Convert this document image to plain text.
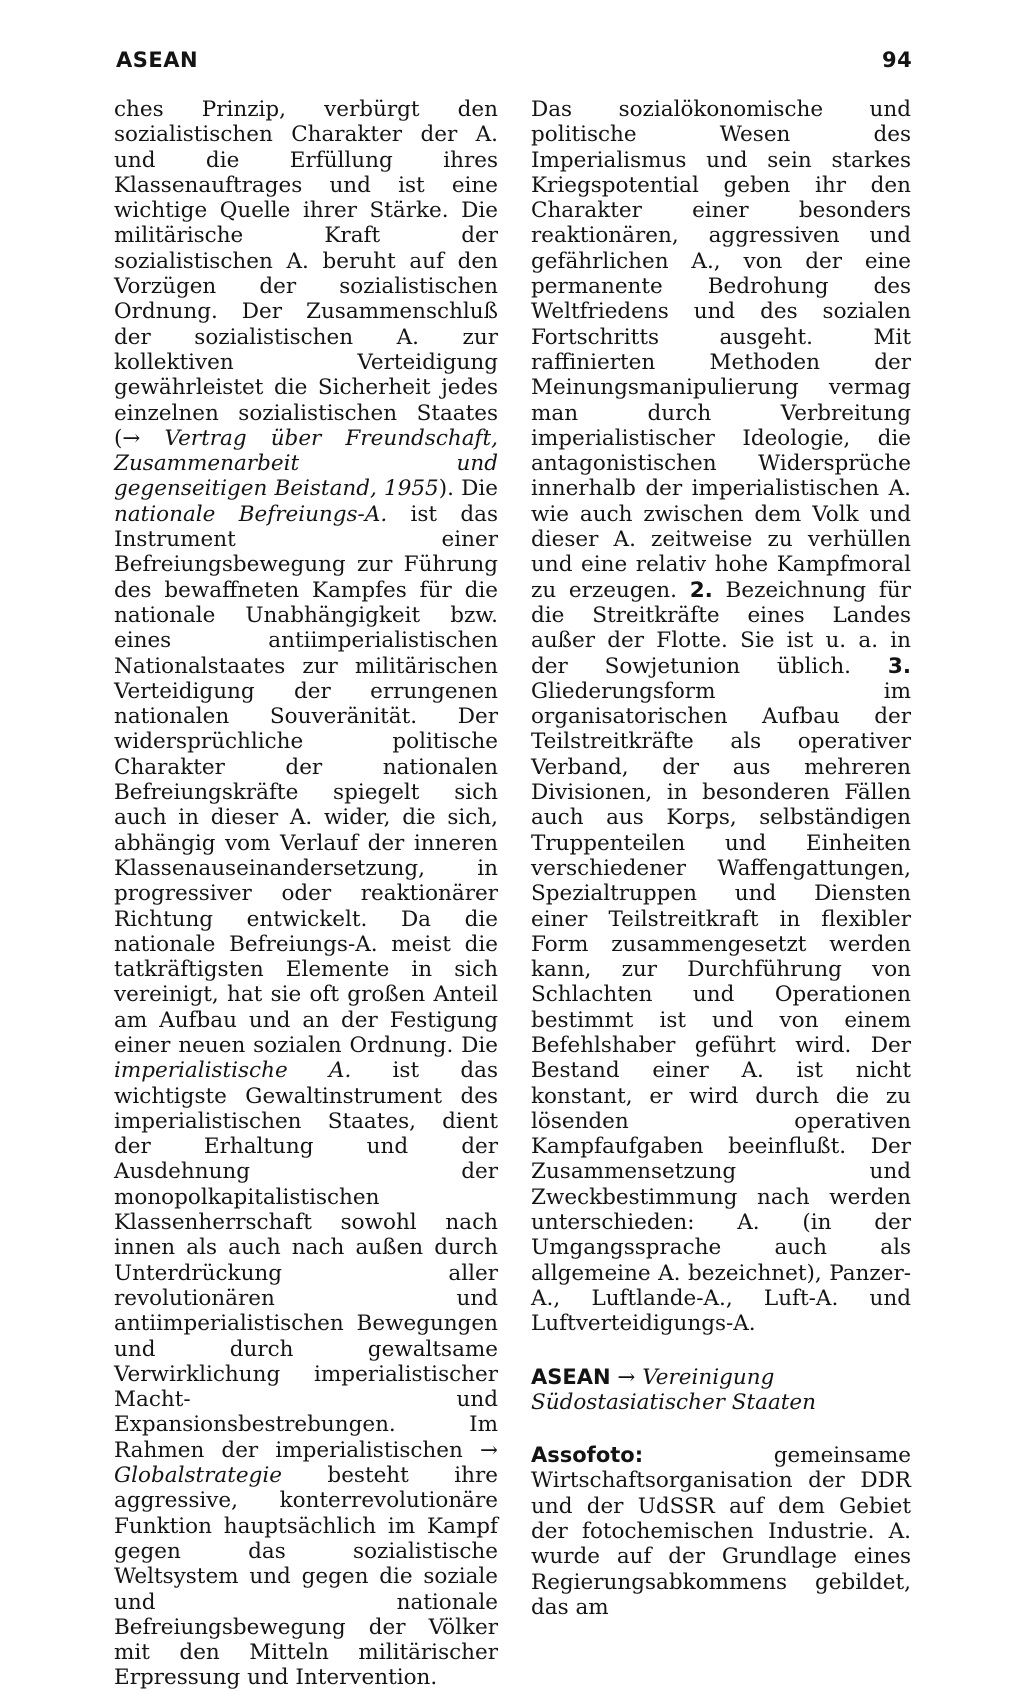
ASEAN	94

ches Prinzip, verbürgt den sozialistischen Charakter der A. und die Erfüllung ihres Klassenauftrages und ist eine wichtige Quelle ihrer Stärke. Die militärische Kraft der sozialistischen A. beruht auf den Vorzügen der sozialistischen Ordnung. Der Zusammenschluß der sozialistischen A. zur kollektiven Verteidigung gewährleistet die Sicherheit jedes einzelnen sozialistischen Staates (→ Vertrag über Freundschaft, Zusammenarbeit und gegenseitigen Beistand, 1955). Die nationale Befreiungs-A. ist das Instrument einer Befreiungsbewegung zur Führung des bewaffneten Kampfes für die nationale Unabhängigkeit bzw. eines antiimperialistischen Nationalstaates zur militärischen Verteidigung der errungenen nationalen Souveränität. Der widersprüchliche politische Charakter der nationalen Befreiungskräfte spiegelt sich auch in dieser A. wider, die sich, abhängig vom Verlauf der inneren Klassenauseinandersetzung, in progressiver oder reaktionärer Richtung entwickelt. Da die nationale Befreiungs-A. meist die tatkräftigsten Elemente in sich vereinigt, hat sie oft großen Anteil am Aufbau und an der Festigung einer neuen sozialen Ordnung. Die imperialistische A. ist das wichtigste Gewaltinstrument des imperialistischen Staates, dient der Erhaltung und der Ausdehnung der monopolkapitalistischen Klassenherrschaft sowohl nach innen als auch nach außen durch Unterdrückung aller revolutionären und antiimperialistischen Bewegungen und durch gewaltsame Verwirklichung imperialistischer Macht- und Expansionsbestrebungen. Im Rahmen der imperialistischen → Globalstrategie besteht ihre aggressive, konterrevolutionäre Funktion hauptsächlich im Kampf gegen das sozialistische Weltsystem und gegen die soziale und nationale Befreiungsbewegung der Völker mit den Mitteln militärischer Erpressung und Intervention.

Das sozialökonomische und politische Wesen des Imperialismus und sein starkes Kriegspotential geben ihr den Charakter einer besonders reaktionären, aggressiven und gefährlichen A., von der eine permanente Bedrohung des Weltfriedens und des sozialen Fortschritts ausgeht. Mit raffinierten Methoden der Meinungsmanipulierung vermag man durch Verbreitung imperialistischer Ideologie, die antagonistischen Widersprüche innerhalb der imperialistischen A. wie auch zwischen dem Volk und dieser A. zeitweise zu verhüllen und eine relativ hohe Kampfmoral zu erzeugen. 2. Bezeichnung für die Streitkräfte eines Landes außer der Flotte. Sie ist u. a. in der Sowjetunion üblich. 3. Gliederungsform im organisatorischen Aufbau der Teilstreitkräfte als operativer Verband, der aus mehreren Divisionen, in besonderen Fällen auch aus Korps, selbständigen Truppenteilen und Einheiten verschiedener Waffengattungen, Spezialtruppen und Diensten einer Teilstreitkraft in flexibler Form zusammengesetzt werden kann, zur Durchführung von Schlachten und Operationen bestimmt ist und von einem Befehlshaber geführt wird. Der Bestand einer A. ist nicht konstant, er wird durch die zu lösenden operativen Kampfaufgaben beeinflußt. Der Zusammensetzung und Zweckbestimmung nach werden unterschieden: A. (in der Umgangssprache auch als allgemeine A. bezeichnet), Panzer-A., Luftlande-A., Luft-A. und Luftverteidigungs-A.

ASEAN → Vereinigung Südostasiatischer Staaten

Assofoto: gemeinsame Wirtschaftsorganisation der DDR und der UdSSR auf dem Gebiet der fotochemischen Industrie. A. wurde auf der Grundlage eines Regierungsabkommens gebildet, das am
